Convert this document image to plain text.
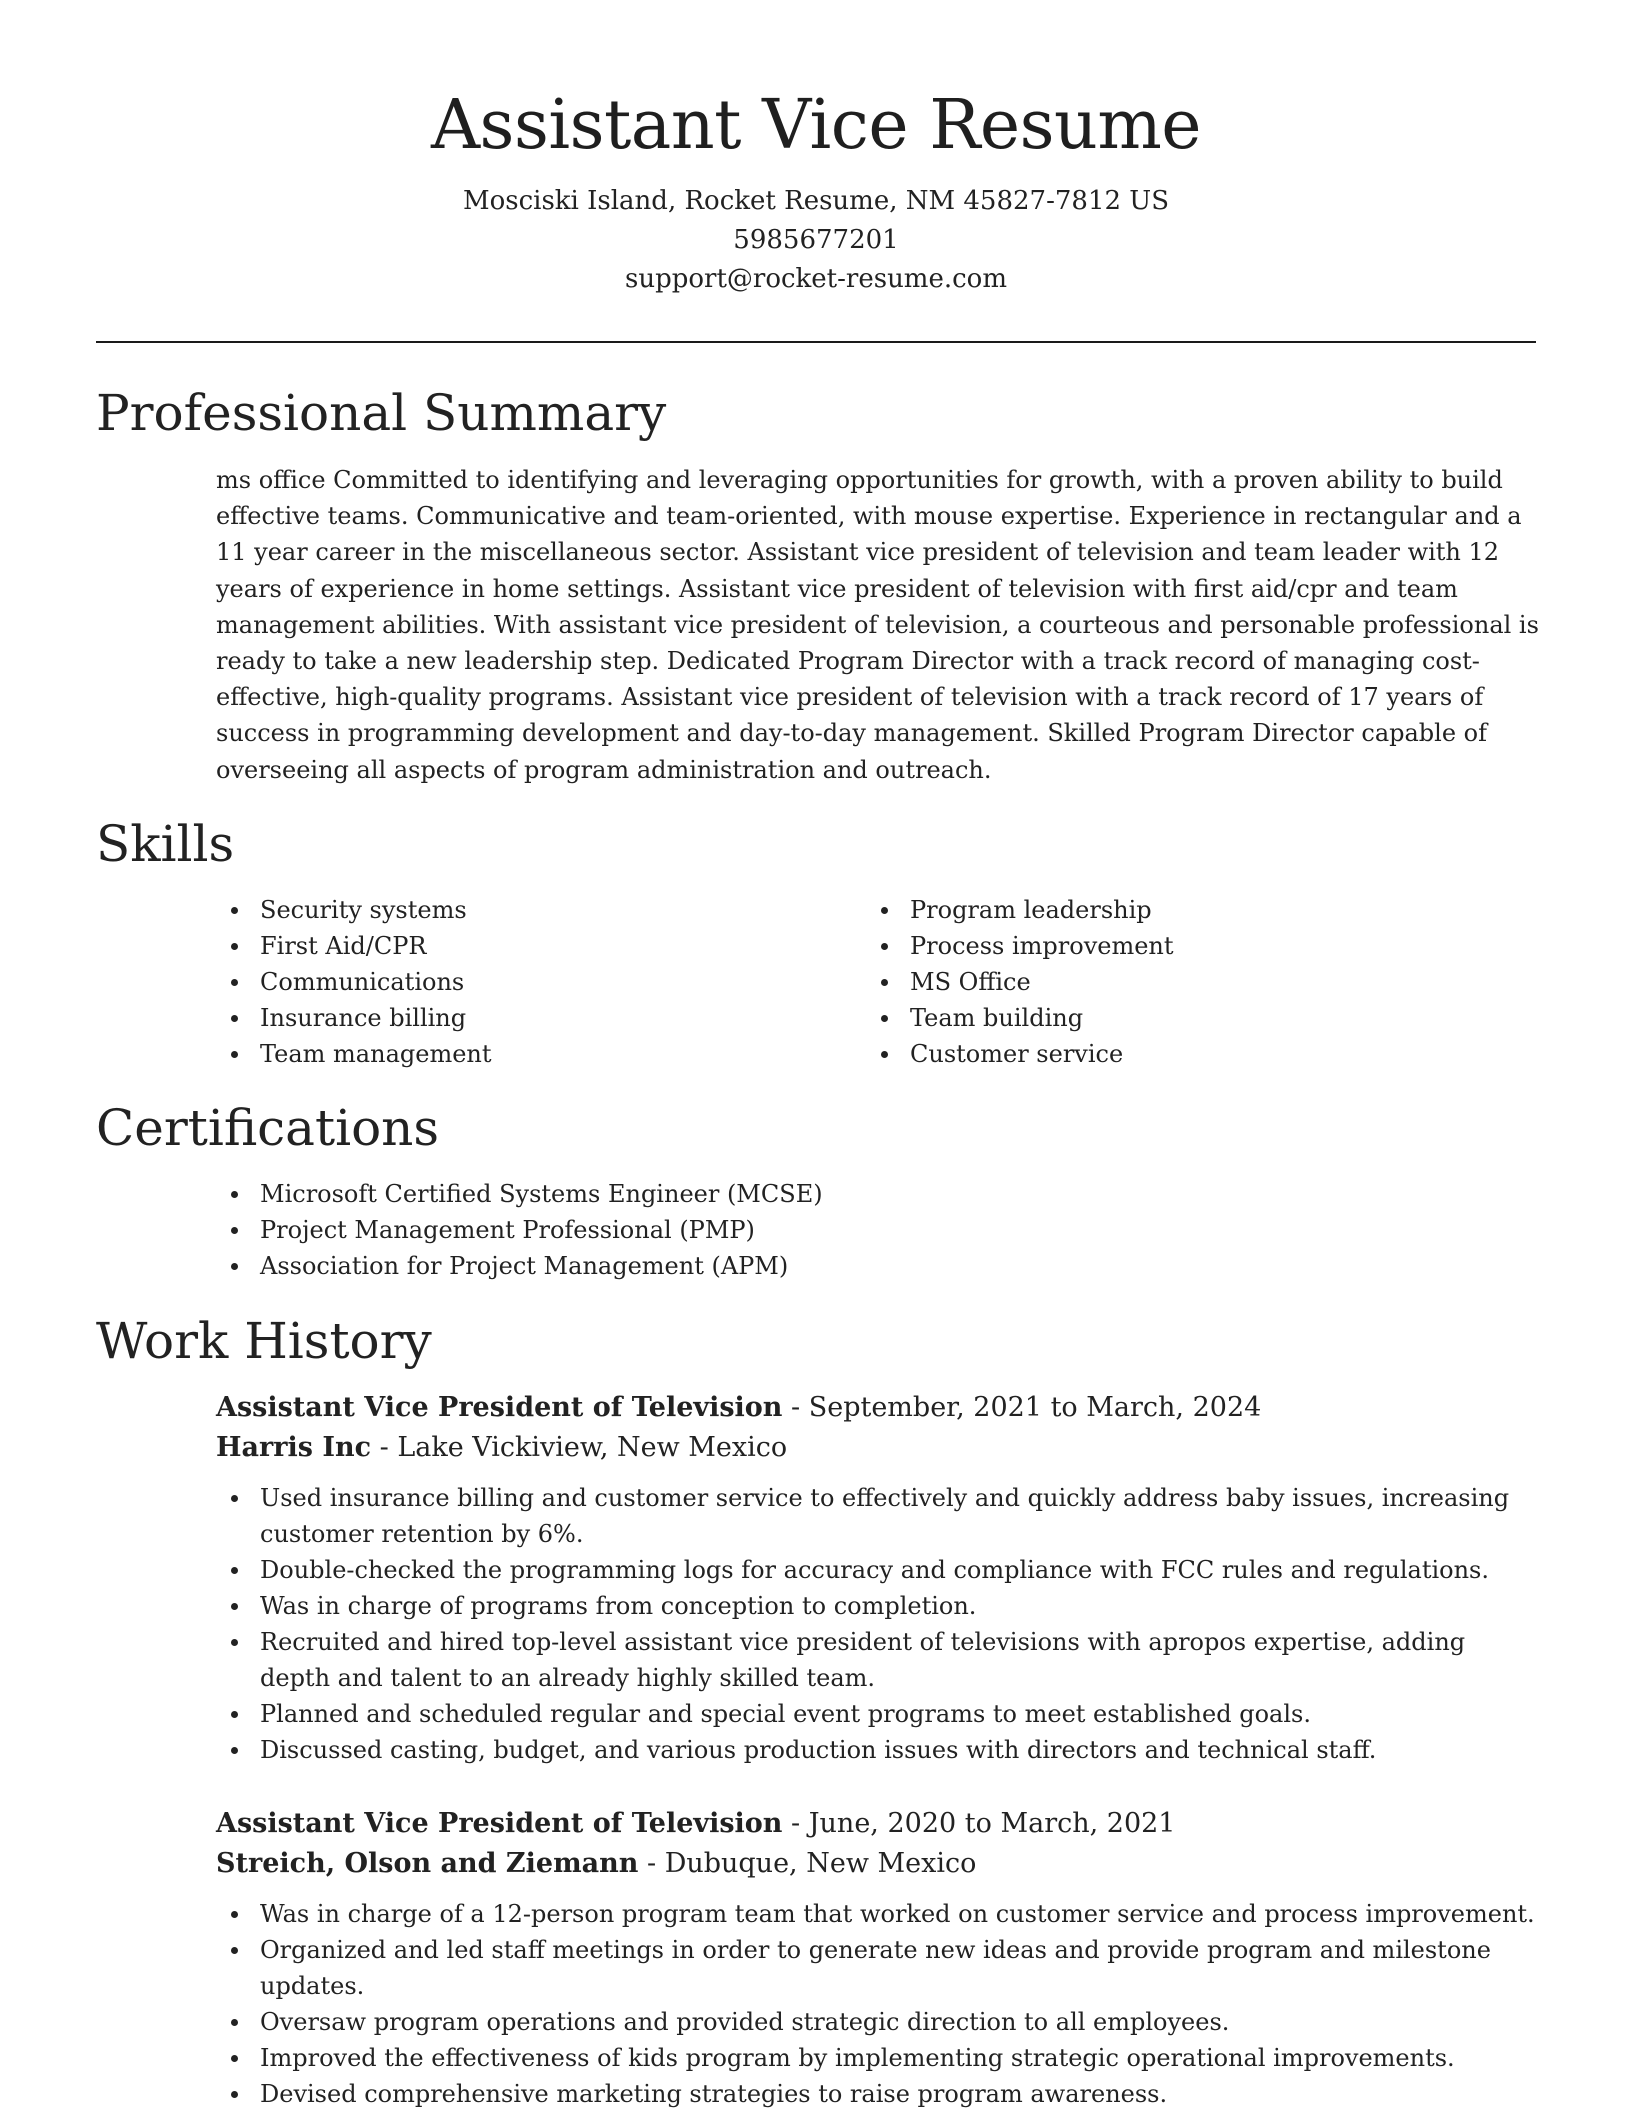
Assistant Vice Resume
Mosciski Island, Rocket Resume, NM 45827-7812 US
5985677201
support@rocket-resume.com
Professional Summary

ms office Committed to identifying and leveraging opportunities for growth, with a proven ability to build effective teams. Communicative and team-oriented, with mouse expertise. Experience in rectangular and a 11 year career in the miscellaneous sector. Assistant vice president of television and team leader with 12 years of experience in home settings. Assistant vice president of television with first aid/cpr and team management abilities. With assistant vice president of television, a courteous and personable professional is ready to take a new leadership step. Dedicated Program Director with a track record of managing cost-effective, high-quality programs. Assistant vice president of television with a track record of 17 years of success in programming development and day-to-day management. Skilled Program Director capable of overseeing all aspects of program administration and outreach.

Skills
Security systems
First Aid/CPR
Communications
Insurance billing
Team management
Program leadership
Process improvement
MS Office
Team building
Customer service
Certifications
Microsoft Certified Systems Engineer (MCSE)
Project Management Professional (PMP)
Association for Project Management (APM)
Work History
Assistant Vice President of Television - September, 2021 to March, 2024
Harris Inc - Lake Vickiview, New Mexico
Used insurance billing and customer service to effectively and quickly address baby issues, increasing customer retention by 6%.
Double-checked the programming logs for accuracy and compliance with FCC rules and regulations.
Was in charge of programs from conception to completion.
Recruited and hired top-level assistant vice president of televisions with apropos expertise, adding depth and talent to an already highly skilled team.
Planned and scheduled regular and special event programs to meet established goals.
Discussed casting, budget, and various production issues with directors and technical staff.
Assistant Vice President of Television - June, 2020 to March, 2021
Streich, Olson and Ziemann - Dubuque, New Mexico
Was in charge of a 12-person program team that worked on customer service and process improvement.
Organized and led staff meetings in order to generate new ideas and provide program and milestone updates.
Oversaw program operations and provided strategic direction to all employees.
Improved the effectiveness of kids program by implementing strategic operational improvements.
Devised comprehensive marketing strategies to raise program awareness.
